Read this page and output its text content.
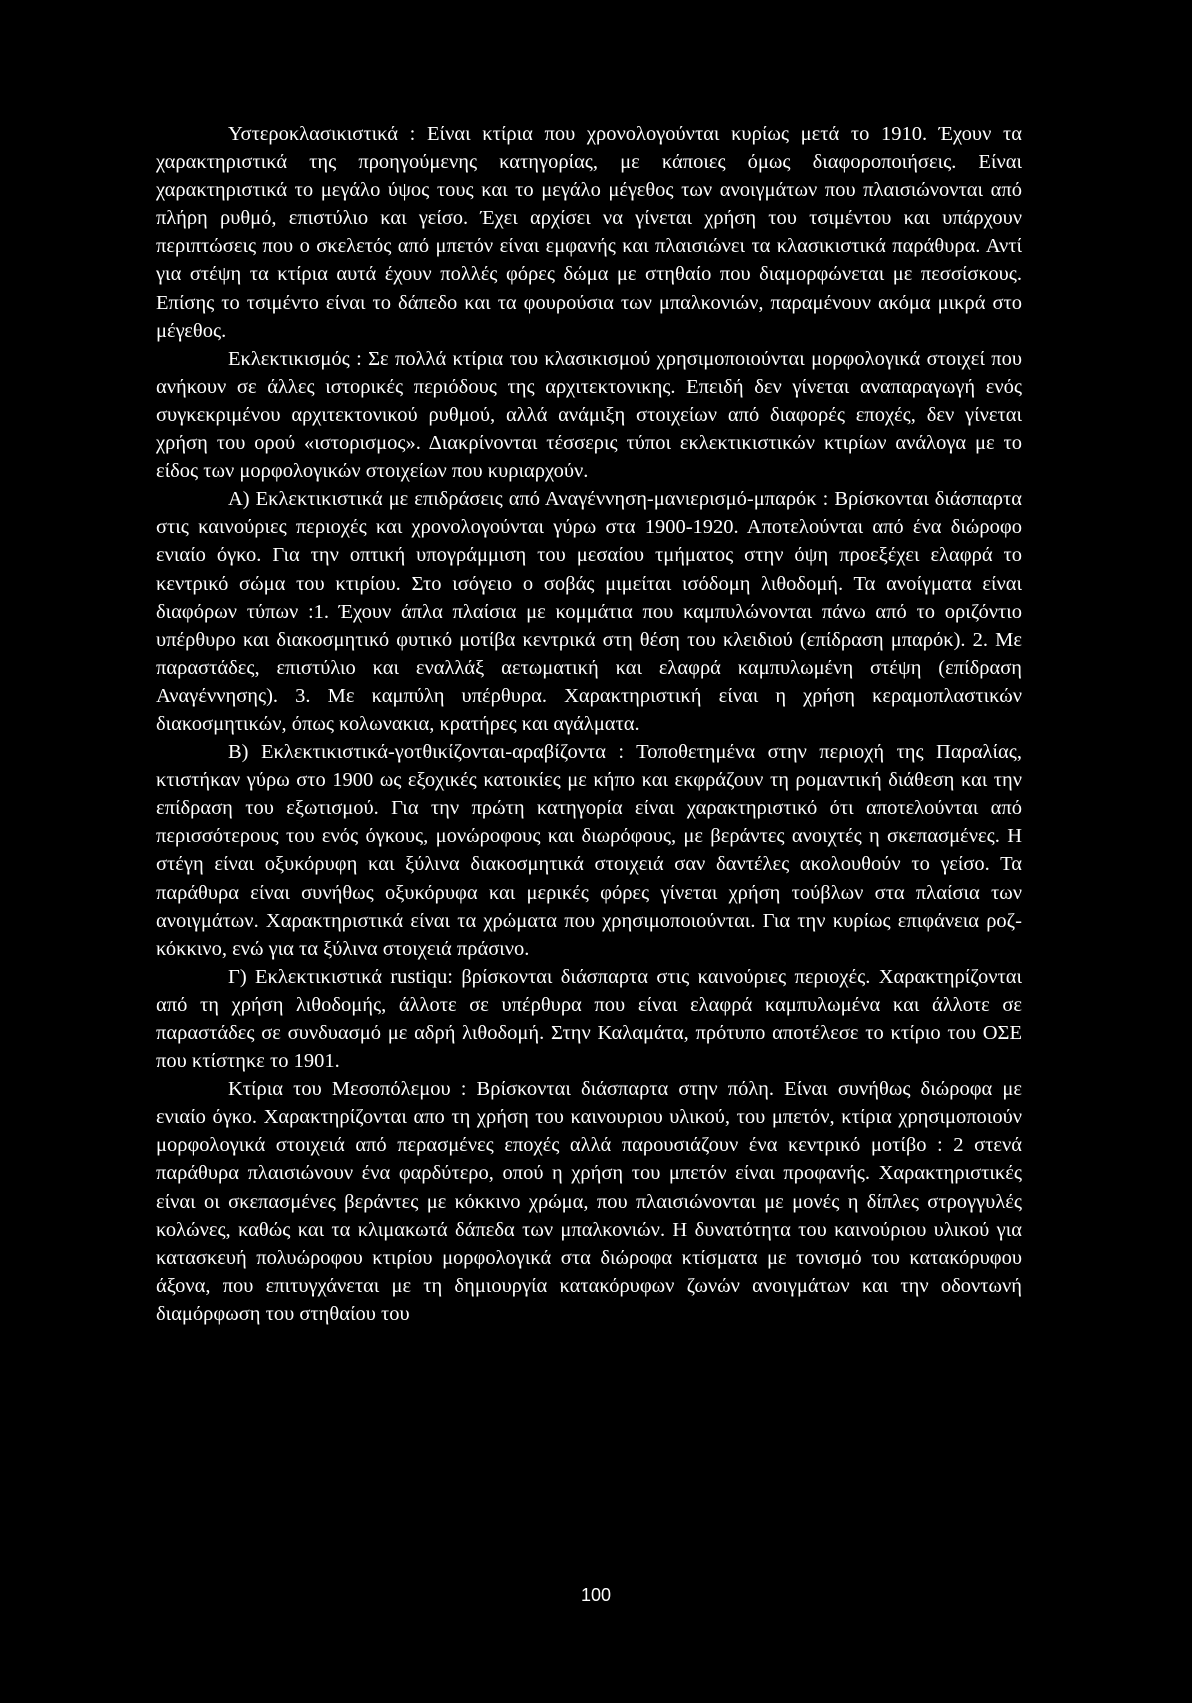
Υστεροκλασικιστικά : Είναι κτίρια που χρονολογούνται κυρίως μετά το 1910. Έχουν τα χαρακτηριστικά της προηγούμενης κατηγορίας, με κάποιες όμως διαφοροποιήσεις. Είναι χαρακτηριστικά το μεγάλο ύψος τους και το μεγάλο μέγεθος των ανοιγμάτων που πλαισιώνονται από πλήρη ρυθμό, επιστύλιο και γείσο. Έχει αρχίσει να γίνεται χρήση του τσιμέντου και υπάρχουν περιπτώσεις που ο σκελετός από μπετόν είναι εμφανής και πλαισιώνει τα κλασικιστικά παράθυρα. Αντί για στέψη τα κτίρια αυτά έχουν πολλές φόρες δώμα με στηθαίο που διαμορφώνεται με πεσσίσκους. Επίσης το τσιμέντο είναι το δάπεδο και τα φουρούσια των μπαλκονιών, παραμένουν ακόμα μικρά στο μέγεθος.

Εκλεκτικισμός : Σε πολλά κτίρια του κλασικισμού χρησιμοποιούνται μορφολογικά στοιχεί που ανήκουν σε άλλες ιστορικές περιόδους της αρχιτεκτονικης. Επειδή δεν γίνεται αναπαραγωγή ενός συγκεκριμένου αρχιτεκτονικού ρυθμού, αλλά ανάμιξη στοιχείων από διαφορές εποχές, δεν γίνεται χρήση του ορού «ιστορισμος». Διακρίνονται τέσσερις τύποι εκλεκτικιστικών κτιρίων ανάλογα με το είδος των μορφολογικών στοιχείων που κυριαρχούν.

Α) Εκλεκτικιστικά με επιδράσεις από Αναγέννηση-μανιερισμό-μπαρόκ : Βρίσκονται διάσπαρτα στις καινούριες περιοχές και χρονολογούνται γύρω στα 1900-1920. Αποτελούνται από ένα διώροφο ενιαίο όγκο. Για την οπτική υπογράμμιση του μεσαίου τμήματος στην όψη προεξέχει ελαφρά το κεντρικό σώμα του κτιρίου. Στο ισόγειο ο σοβάς μιμείται ισόδομη λιθοδομή. Τα ανοίγματα είναι διαφόρων τύπων :1. Έχουν άπλα πλαίσια με κομμάτια που καμπυλώνονται πάνω από το οριζόντιο υπέρθυρο και διακοσμητικό φυτικό μοτίβα κεντρικά στη θέση του κλειδιού (επίδραση μπαρόκ). 2. Με παραστάδες, επιστύλιο και εναλλάξ αετωματική και ελαφρά καμπυλωμένη στέψη (επίδραση Αναγέννησης). 3. Με καμπύλη υπέρθυρα. Χαρακτηριστική είναι η χρήση κεραμοπλαστικών διακοσμητικών, όπως κολωνακια, κρατήρες και αγάλματα.

Β) Εκλεκτικιστικά-γοτθικίζονται-αραβίζοντα : Τοποθετημένα στην περιοχή της Παραλίας, κτιστήκαν γύρω στο 1900 ως εξοχικές κατοικίες με κήπο και εκφράζουν τη ρομαντική διάθεση και την επίδραση του εξωτισμού. Για την πρώτη κατηγορία είναι χαρακτηριστικό ότι αποτελούνται από περισσότερους του ενός όγκους, μονώροφους και διωρόφους, με βεράντες ανοιχτές η σκεπασμένες. Η στέγη είναι οξυκόρυφη και ξύλινα διακοσμητικά στοιχειά σαν δαντέλες ακολουθούν το γείσο. Τα παράθυρα είναι συνήθως οξυκόρυφα και μερικές φόρες γίνεται χρήση τούβλων στα πλαίσια των ανοιγμάτων. Χαρακτηριστικά είναι τα χρώματα που χρησιμοποιούνται. Για την κυρίως επιφάνεια ροζ-κόκκινο, ενώ για τα ξύλινα στοιχειά πράσινο.

Γ) Εκλεκτικιστικά rustiqu: βρίσκονται διάσπαρτα στις καινούριες περιοχές. Χαρακτηρίζονται από τη χρήση λιθοδομής, άλλοτε σε υπέρθυρα που είναι ελαφρά καμπυλωμένα και άλλοτε σε παραστάδες σε συνδυασμό με αδρή λιθοδομή. Στην Καλαμάτα, πρότυπο αποτέλεσε το κτίριο του ΟΣΕ που κτίστηκε το 1901.

Κτίρια του Μεσοπόλεμου : Βρίσκονται διάσπαρτα στην πόλη. Είναι συνήθως διώροφα με ενιαίο όγκο. Χαρακτηρίζονται απο τη χρήση του καινουριου υλικού, του μπετόν, κτίρια χρησιμοποιούν μορφολογικά στοιχειά από περασμένες εποχές αλλά παρουσιάζουν ένα κεντρικό μοτίβο : 2 στενά παράθυρα πλαισιώνουν ένα φαρδύτερο, οπού η χρήση του μπετόν είναι προφανής. Χαρακτηριστικές είναι οι σκεπασμένες βεράντες με κόκκινο χρώμα, που πλαισιώνονται με μονές η δίπλες στρογγυλές κολώνες, καθώς και τα κλιμακωτά δάπεδα των μπαλκονιών. Η δυνατότητα του καινούριου υλικού για κατασκευή πολυώροφου κτιρίου μορφολογικά στα διώροφα κτίσματα με τονισμό του κατακόρυφου άξονα, που επιτυγχάνεται με τη δημιουργία κατακόρυφων ζωνών ανοιγμάτων και την οδοντωνή διαμόρφωση του στηθαίου του

100
